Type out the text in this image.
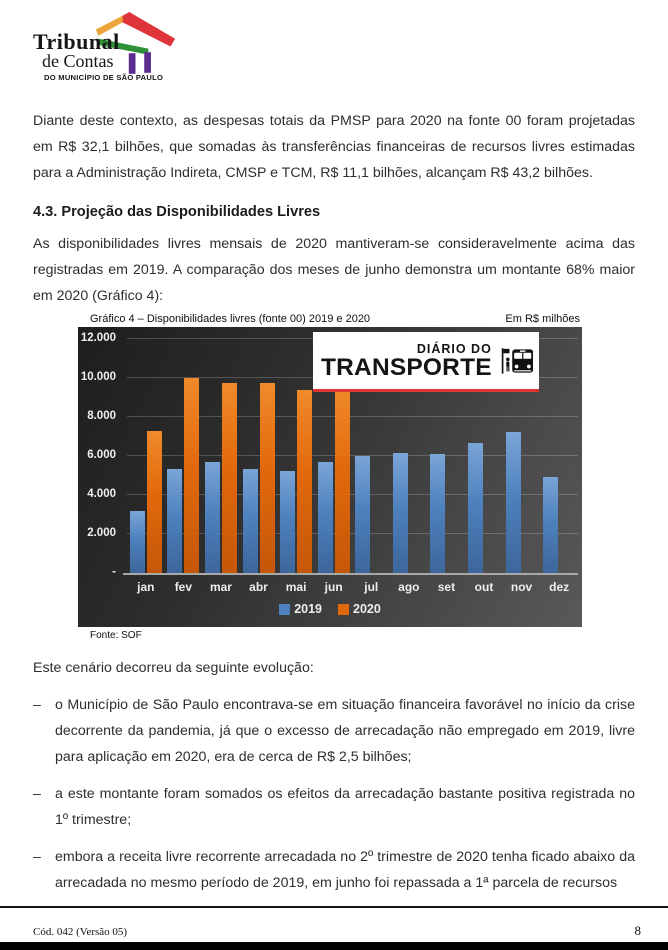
Tribunal
de Contas
DO MUNICÍPIO DE SÃO PAULO

Diante deste contexto, as despesas totais da PMSP para 2020 na fonte 00 foram projetadas em R$ 32,1 bilhões, que somadas às transferências financeiras de recursos livres estimadas para a Administração Indireta, CMSP e TCM, R$ 11,1 bilhões, alcançam R$ 43,2 bilhões.

4.3. Projeção das Disponibilidades Livres

As disponibilidades livres mensais de 2020 mantiveram-se consideravelmente acima das registradas em 2019. A comparação dos meses de junho demonstra um montante 68% maior em 2020 (Gráfico 4):

Gráfico 4 – Disponibilidades livres (fonte 00) 2019 e 2020	Em R$ milhões
12.000
10.000
8.000
6.000
4.000
2.000
-
jan	fev	mar	abr	mai	jun	jul	ago	set	out	nov	dez
2019 2020
DIÁRIO DO
TRANSPORTE
Fonte: SOF

Este cenário decorreu da seguinte evolução:

– o Município de São Paulo encontrava-se em situação financeira favorável no início da crise decorrente da pandemia, já que o excesso de arrecadação não empregado em 2019, livre para aplicação em 2020, era de cerca de R$ 2,5 bilhões;
– a este montante foram somados os efeitos da arrecadação bastante positiva registrada no 1º trimestre;
– embora a receita livre recorrente arrecadada no 2º trimestre de 2020 tenha ficado abaixo da arrecadada no mesmo período de 2019, em junho foi repassada a 1ª parcela de recursos
Cód. 042 (Versão 05)	8
